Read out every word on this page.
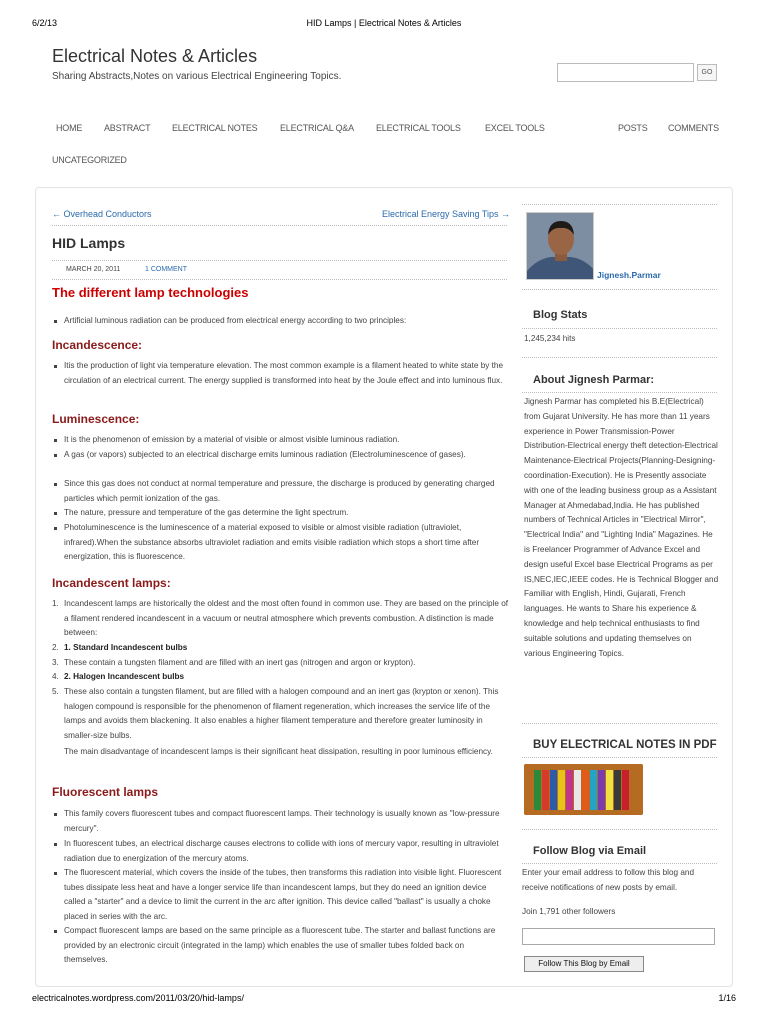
6/2/13	HID Lamps | Electrical Notes & Articles
electricalnotes.wordpress.com/2011/03/20/hid-lamps/	1/16
Electrical Notes & Articles
Sharing Abstracts,Notes on various Electrical Engineering Topics.	GO
HOME ABSTRACT ELECTRICAL NOTES	ELECTRICAL Q&A ELECTRICAL TOOLS	EXCEL TOOLS	POSTS COMMENTS
UNCATEGORIZED
← Overhead Conductors	Electrical Energy Saving Tips →
HID Lamps
MARCH 20, 2011	1 COMMENT
The different lamp technologies

Artificial luminous radiation can be produced from electrical energy according to two principles:

Incandescence:

Itis the production of light via temperature elevation. The most common example is a filament heated to white state by the circulation of an electrical current. The energy supplied is transformed into heat by the Joule effect and into luminous flux.

Luminescence:

It is the phenomenon of emission by a material of visible or almost visible luminous radiation.

A gas (or vapors) subjected to an electrical discharge emits luminous radiation (Electroluminescence of gases).

Since this gas does not conduct at normal temperature and pressure, the discharge is produced by generating charged particles which permit ionization of the gas.

The nature, pressure and temperature of the gas determine the light spectrum.

Photoluminescence is the luminescence of a material exposed to visible or almost visible radiation (ultraviolet, infrared).When the substance absorbs ultraviolet radiation and emits visible radiation which stops a short time after energization, this is fluorescence.

Incandescent lamps:
1. Incandescent lamps are historically the oldest and the most often found in common use. They are based on the principle of a filament rendered incandescent in a vacuum or neutral atmosphere which prevents combustion. A distinction is made between:

2. 1. Standard Incandescent bulbs

3. These contain a tungsten filament and are filled with an inert gas (nitrogen and argon or krypton).

4. 2. Halogen Incandescent bulbs

5. These also contain a tungsten filament, but are filled with a halogen compound and an inert gas (krypton or xenon). This halogen compound is responsible for the phenomenon of filament regeneration, which increases the service life of the lamps and avoids them blackening. It also enables a higher filament temperature and therefore greater luminosity in smaller-size bulbs.

The main disadvantage of incandescent lamps is their significant heat dissipation, resulting in poor luminous efficiency.

Fluorescent lamps

This family covers fluorescent tubes and compact fluorescent lamps. Their technology is usually known as "low-pressure mercury".

In fluorescent tubes, an electrical discharge causes electrons to collide with ions of mercury vapor, resulting in ultraviolet radiation due to energization of the mercury atoms.

The fluorescent material, which covers the inside of the tubes, then transforms this radiation into visible light. Fluorescent tubes dissipate less heat and have a longer service life than incandescent lamps, but they do need an ignition device called a "starter" and a device to limit the current in the arc after ignition. This device called "ballast" is usually a choke placed in series with the arc.

Compact fluorescent lamps are based on the same principle as a fluorescent tube. The starter and ballast functions are provided by an electronic circuit (integrated in the lamp) which enables the use of smaller tubes folded back on themselves.

Jignesh.Parmar
Blog Stats

1,245,234 hits

About Jignesh Parmar:

Jignesh Parmar has completed his B.E(Electrical) from Gujarat University. He has more than 11 years experience in Power Transmission-Power Distribution-Electrical energy theft detection-Electrical Maintenance-Electrical Projects(Planning-Designing-coordination-Execution). He is Presently associate with one of the leading business group as a Assistant Manager at Ahmedabad,India. He has published numbers of Technical Articles in "Electrical Mirror", "Electrical India" and "Lighting India" Magazines. He is Freelancer Programmer of Advance Excel and design useful Excel base Electrical Programs as per IS,NEC,IEC,IEEE codes. He is Technical Blogger and Familiar with English, Hindi, Gujarati, French languages. He wants to Share his experience & knowledge and help technical enthusiasts to find suitable solutions and updating themselves on various Engineering Topics.

BUY ELECTRICAL NOTES IN PDF
Follow Blog via Email

Enter your email address to follow this blog and receive notifications of new posts by email.

Join 1,791 other followers

Follow This Blog by Email
